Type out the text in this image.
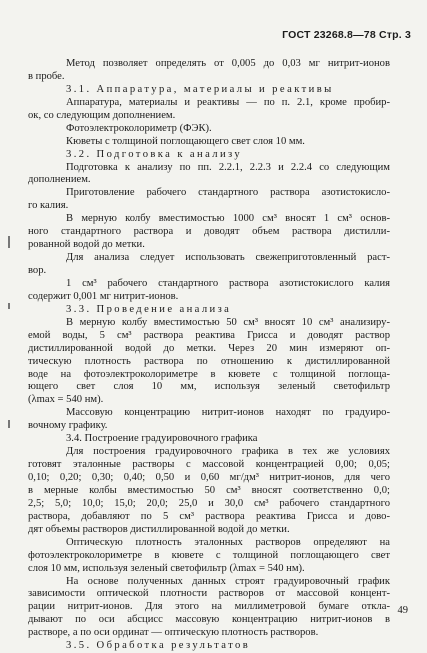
ГОСТ 23268.8—78 Стр. 3
Метод позволяет определять от 0,005 до 0,03 мг нитрит-ионов
в пробе.
3.1. Аппаратура, материалы и реактивы
Аппаратура, материалы и реактивы — по п. 2.1, кроме пробир-
ок, со следующим дополнением.
Фотоэлектроколориметр (ФЭК).
Кюветы с толщиной поглощающего свет слоя 10 мм.
3.2. Подготовка к анализу
Подготовка к анализу по пп. 2.2.1, 2.2.3 и 2.2.4 со следующим
дополнением.
Приготовление рабочего стандартного раствора азотистокисло-
го калия.
В мерную колбу вместимостью 1000 см³ вносят 1 см³ основ-
ного стандартного раствора и доводят объем раствора дистилли-
рованной водой до метки.
Для анализа следует использовать свежеприготовленный раст-
вор.
1 см³ рабочего стандартного раствора азотистокислого калия
содержит 0,001 мг нитрит-ионов.
3.3. Проведение анализа
В мерную колбу вместимостью 50 см³ вносят 10 см³ анализиру-
емой воды, 5 см³ раствора реактива Грисса и доводят раствор
дистиллированной водой до метки. Через 20 мин измеряют оп-
тическую плотность раствора по отношению к дистиллированной
воде на фотоэлектроколориметре в кювете с толщиной поглоща-
ющего свет слоя 10 мм, используя зеленый светофильтр
(λmax = 540 нм).
Массовую концентрацию нитрит-ионов находят по градуиро-
вочному графику.
3.4. Построение градуировочного графика
Для построения градуировочного графика в тех же условиях
готовят эталонные растворы с массовой концентрацией 0,00; 0,05;
0,10; 0,20; 0,30; 0,40; 0,50 и 0,60 мг/дм³ нитрит-ионов, для чего
в мерные колбы вместимостью 50 см³ вносят соответственно 0,0;
2,5; 5,0; 10,0; 15,0; 20,0; 25,0 и 30,0 см³ рабочего стандартного
раствора, добавляют по 5 см³ раствора реактива Грисса и дово-
дят объемы растворов дистиллированной водой до метки.
Оптическую плотность эталонных растворов определяют на
фотоэлектроколориметре в кювете с толщиной поглощающего свет
слоя 10 мм, используя зеленый светофильтр (λmax = 540 нм).
На основе полученных данных строят градуировочный график
зависимости оптической плотности растворов от массовой концент-
рации нитрит-ионов. Для этого на миллиметровой бумаге откла-
дывают по оси абсцисс массовую концентрацию нитрит-ионов в
растворе, а по оси ординат — оптическую плотность растворов.
3.5. Обработка результатов
49
